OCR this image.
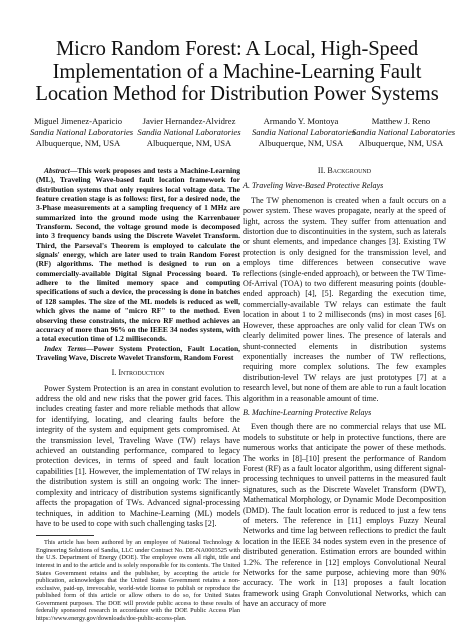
Micro Random Forest: A Local, High-Speed Implementation of a Machine-Learning Fault Location Method for Distribution Power Systems
Miguel Jimenez-Aparicio
Sandia National Laboratories
Albuquerque, NM, USA
Javier Hernandez-Alvidrez
Sandia National Laboratories
Albuquerque, NM, USA
Armando Y. Montoya
Sandia National Laboratories
Albuquerque, NM, USA
Matthew J. Reno
Sandia National Laboratories
Albuquerque, NM, USA

Abstract—This work proposes and tests a Machine-Learning (ML), Traveling Wave-based fault location framework for distribution systems that only requires local voltage data. The feature creation stage is as follows: first, for a desired node, the 3-Phase measurements at a sampling frequency of 1 MHz are summarized into the ground mode using the Karrenbauer Transform. Second, the voltage ground mode is decomposed into 3 frequency bands using the Discrete Wavelet Transform. Third, the Parseval's Theorem is employed to calculate the signals' energy, which are later used to train Random Forest (RF) algorithms. The method is designed to run on a commercially-available Digital Signal Processing board. To adhere to the limited memory space and computing specifications of such a device, the processing is done in batches of 128 samples. The size of the ML models is reduced as well, which gives the name of "micro RF" to the method. Even observing these constraints, the micro RF method achieves an accuracy of more than 96% on the IEEE 34 nodes system, with a total execution time of 1.2 milliseconds.

Index Terms—Power System Protection, Fault Location, Traveling Wave, Discrete Wavelet Transform, Random Forest

I. Introduction

Power System Protection is an area in constant evolution to address the old and new risks that the power grid faces. This includes creating faster and more reliable methods that allow for identifying, locating, and clearing faults before the integrity of the system and equipment gets compromised. At the transmission level, Traveling Wave (TW) relays have achieved an outstanding performance, compared to legacy protection devices, in terms of speed and fault location capabilities [1]. However, the implementation of TW relays in the distribution system is still an ongoing work: The inner-complexity and intricacy of distribution systems significantly affects the propagation of TWs. Advanced signal-processing techniques, in addition to Machine-Learning (ML) models have to be used to cope with such challenging tasks [2].

This article has been authored by an employee of National Technology & Engineering Solutions of Sandia, LLC under Contract No. DE-NA0003525 with the U.S. Department of Energy (DOE). The employee owns all right, title and interest in and to the article and is solely responsible for its contents. The United States Government retains and the publisher, by accepting the article for publication, acknowledges that the United States Government retains a non-exclusive, paid-up, irrevocable, world-wide license to publish or reproduce the published form of this article or allow others to do so, for United States Government purposes. The DOE will provide public access to these results of federally sponsored research in accordance with the DOE Public Access Plan https://www.energy.gov/downloads/doe-public-access-plan.

II. Background
A. Traveling Wave-Based Protective Relays

The TW phenomenon is created when a fault occurs on a power system. These waves propagate, nearly at the speed of light, across the system. They suffer from attenuation and distortion due to discontinuities in the system, such as laterals or shunt elements, and impedance changes [3]. Existing TW protection is only designed for the transmission level, and employs time differences between consecutive wave reflections (single-ended approach), or between the TW Time-Of-Arrival (TOA) to two different measuring points (double-ended approach) [4], [5]. Regarding the execution time, commercially-available TW relays can estimate the fault location in about 1 to 2 milliseconds (ms) in most cases [6]. However, these approaches are only valid for clean TWs on clearly delimited power lines. The presence of laterals and shunt-connected elements in distribution systems exponentially increases the number of TW reflections, requiring more complex solutions. The few examples distribution-level TW relays are just prototypes [7] at a research level, but none of them are able to run a fault location algorithm in a reasonable amount of time.

B. Machine-Learning Protective Relays

Even though there are no commercial relays that use ML models to substitute or help in protective functions, there are numerous works that anticipate the power of these methods. The works in [8]–[10] present the performance of Random Forest (RF) as a fault locator algorithm, using different signal-processing techniques to unveil patterns in the measured fault signatures, such as the Discrete Wavelet Transform (DWT), Mathematical Morphology, or Dynamic Mode Decomposition (DMD). The fault location error is reduced to just a few tens of meters. The reference in [11] employs Fuzzy Neural Networks and time lag between reflections to predict the fault location in the IEEE 34 nodes system even in the presence of distributed generation. Estimation errors are bounded within 1.2%. The reference in [12] employs Convolutional Neural Networks for the same purpose, achieving more than 90% accuracy. The work in [13] proposes a fault location framework using Graph Convolutional Networks, which can have an accuracy of more
